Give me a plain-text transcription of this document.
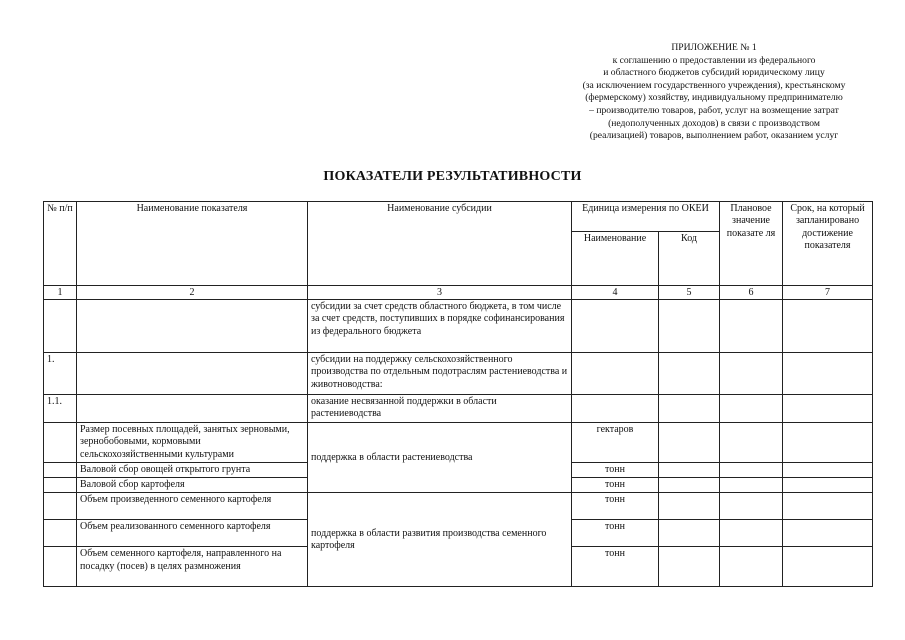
ПРИЛОЖЕНИЕ № 1
к соглашению о предоставлении из федерального
и областного бюджетов субсидий юридическому лицу
(за исключением государственного учреждения), крестьянскому
(фермерскому) хозяйству, индивидуальному предпринимателю
– производителю товаров, работ, услуг на возмещение затрат
(недополученных доходов) в связи с производством
(реализацией) товаров, выполнением работ, оказанием услуг
ПОКАЗАТЕЛИ РЕЗУЛЬТАТИВНОСТИ
№ п/п	Наименование показателя	Наименование субсидии	Единица измерения по ОКЕИ		Плановое значение показате ля	Срок, на который запланировано достижение показателя
			Наименование	Код		
1	2	3	4	5	6	7
		субсидии за счет средств областного бюджета, в том числе за счет средств, поступивших в порядке софинансирования из федерального бюджета				
1.		субсидии на поддержку сельскохозяйственного производства по отдельным подотраслям растениеводства и животноводства:				
1.1.		оказание несвязанной поддержки в области растениеводства				
	Размер посевных площадей, занятых зерновыми, зернобобовыми, кормовыми сельскохозяйственными культурами	поддержка в области растениеводства	гектаров			
	Валовой сбор овощей открытого грунта		тонн			
	Валовой сбор картофеля		тонн			
	Объем произведенного семенного картофеля	поддержка в области развития производства семенного картофеля	тонн			
	Объем реализованного семенного картофеля		тонн			
	Объем семенного картофеля, направленного на посадку (посев) в целях размножения		тонн			
